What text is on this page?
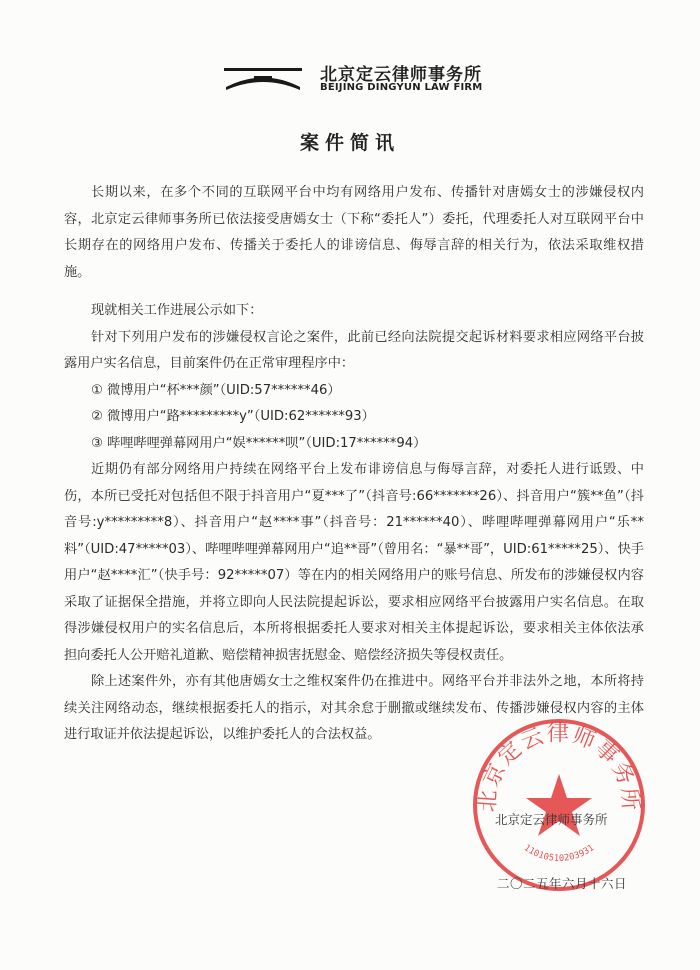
北京定云律师事务所
BEIJING DINGYUN LAW FIRM
案件简讯

长期以来，在多个不同的互联网平台中均有网络用户发布、传播针对唐嫣女士的涉嫌侵权内容，北京定云律师事务所已依法接受唐嫣女士（下称“委托人”）委托，代理委托人对互联网平台中长期存在的网络用户发布、传播关于委托人的诽谤信息、侮辱言辞的相关行为，依法采取维权措施。

现就相关工作进展公示如下：

针对下列用户发布的涉嫌侵权言论之案件，此前已经向法院提交起诉材料要求相应网络平台披露用户实名信息，目前案件仍在正常审理程序中：

① 微博用户“杯***颜”（UID:57******46）

② 微博用户“路*********y”（UID:62******93）

③ 哔哩哔哩弹幕网用户“娱******呗”（UID:17******94）

近期仍有部分网络用户持续在网络平台上发布诽谤信息与侮辱言辞，对委托人进行诋毁、中伤，本所已受托对包括但不限于抖音用户“夏***了”（抖音号:66*******26）、抖音用户“簇**鱼”（抖音号:y*********8）、抖音用户“赵****事”（抖音号：21******40）、哔哩哔哩弹幕网用户“乐**料”（UID:47*****03）、哔哩哔哩弹幕网用户“追**哥”（曾用名：“暴**哥”，UID:61*****25）、快手用户“赵****汇”（快手号：92*****07）等在内的相关网络用户的账号信息、所发布的涉嫌侵权内容采取了证据保全措施，并将立即向人民法院提起诉讼，要求相应网络平台披露用户实名信息。在取得涉嫌侵权用户的实名信息后，本所将根据委托人要求对相关主体提起诉讼，要求相关主体依法承担向委托人公开赔礼道歉、赔偿精神损害抚慰金、赔偿经济损失等侵权责任。

除上述案件外，亦有其他唐嫣女士之维权案件仍在推进中。网络平台并非法外之地，本所将持续关注网络动态，继续根据委托人的指示，对其余怠于删撤或继续发布、传播涉嫌侵权内容的主体进行取证并依法提起诉讼，以维护委托人的合法权益。

北京定云律师事务所
11010510203931
北京定云律师事务所
二〇二五年六月十六日
